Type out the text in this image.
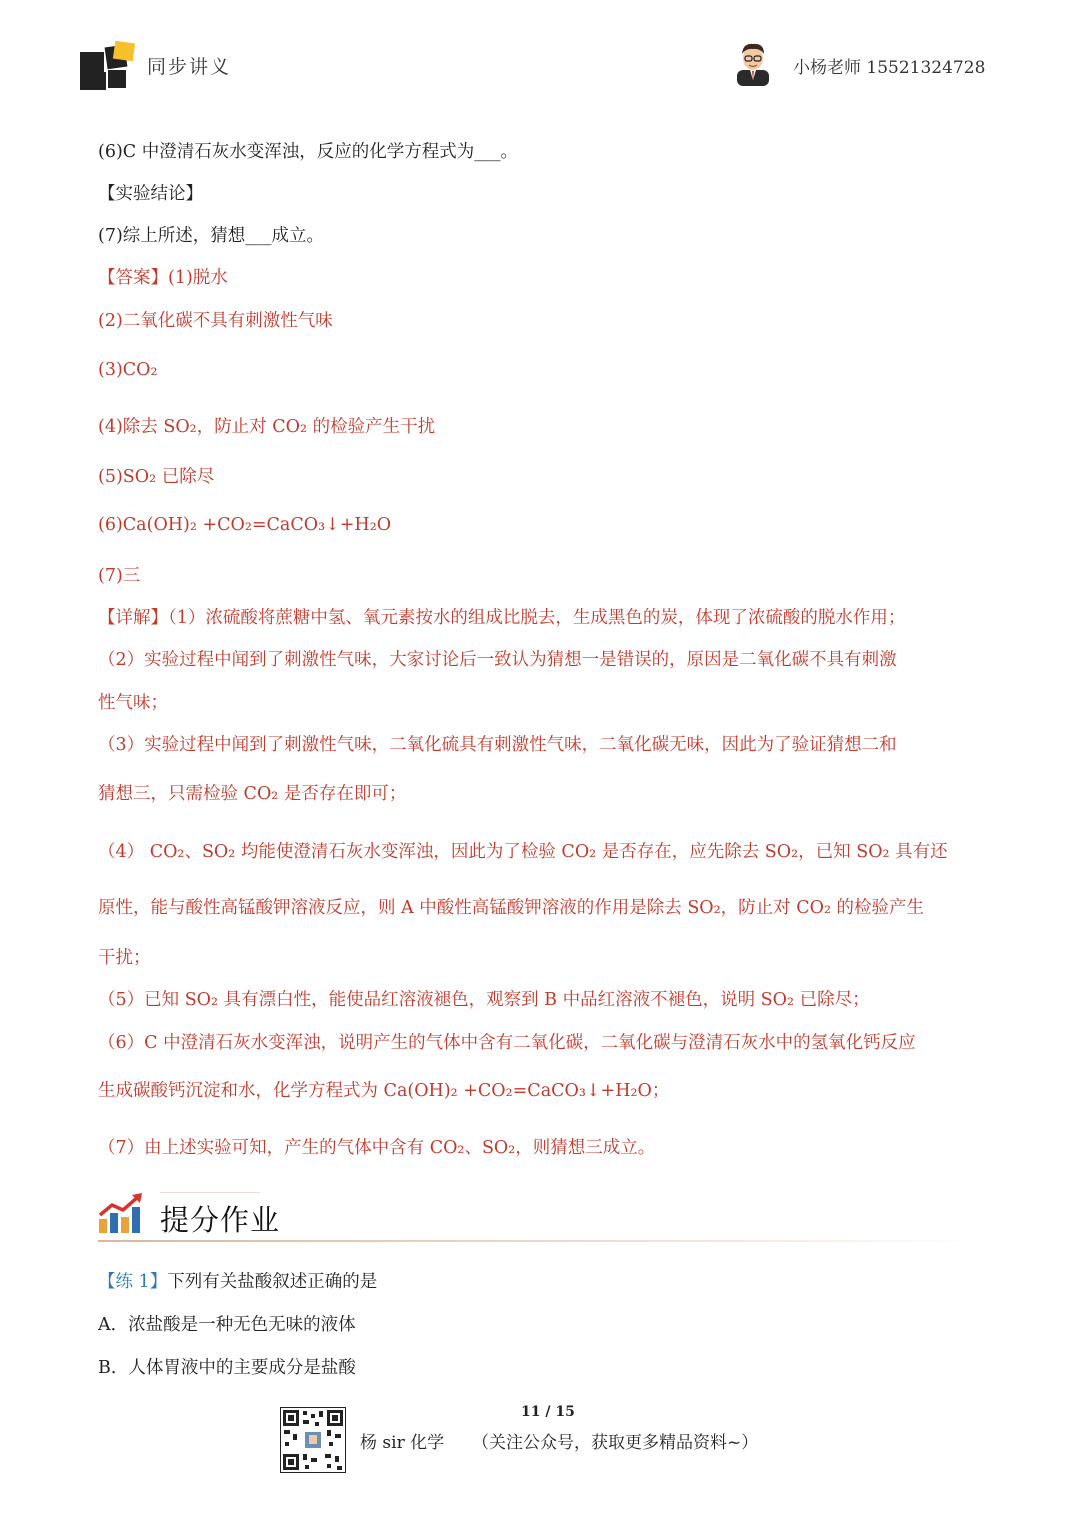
同步讲义	小杨老师 15521324728
(6)C 中澄清石灰水变浑浊，反应的化学方程式为___。
【实验结论】
(7)综上所述，猜想___成立。
【答案】(1)脱水
(2)二氧化碳不具有刺激性气味
(3)CO₂
(4)除去 SO₂，防止对 CO₂ 的检验产生干扰
(5)SO₂ 已除尽
(6)Ca(OH)₂ +CO₂=CaCO₃↓+H₂O
(7)三
【详解】（1）浓硫酸将蔗糖中氢、氧元素按水的组成比脱去，生成黑色的炭，体现了浓硫酸的脱水作用；
（2）实验过程中闻到了刺激性气味，大家讨论后一致认为猜想一是错误的，原因是二氧化碳不具有刺激
性气味；
（3）实验过程中闻到了刺激性气味，二氧化硫具有刺激性气味，二氧化碳无味，因此为了验证猜想二和
猜想三，只需检验 CO₂ 是否存在即可；
（4） CO₂、SO₂ 均能使澄清石灰水变浑浊，因此为了检验 CO₂ 是否存在，应先除去 SO₂，已知 SO₂ 具有还
原性，能与酸性高锰酸钾溶液反应，则 A 中酸性高锰酸钾溶液的作用是除去 SO₂，防止对 CO₂ 的检验产生
干扰；
（5）已知 SO₂ 具有漂白性，能使品红溶液褪色，观察到 B 中品红溶液不褪色，说明 SO₂ 已除尽；
（6）C 中澄清石灰水变浑浊，说明产生的气体中含有二氧化碳，二氧化碳与澄清石灰水中的氢氧化钙反应
生成碳酸钙沉淀和水，化学方程式为 Ca(OH)₂ +CO₂=CaCO₃↓+H₂O；
（7）由上述实验可知，产生的气体中含有 CO₂、SO₂，则猜想三成立。
提分作业
【练 1】下列有关盐酸叙述正确的是
A．浓盐酸是一种无色无味的液体
B．人体胃液中的主要成分是盐酸
11 / 15
杨 sir 化学 （关注公众号，获取更多精品资料~）
